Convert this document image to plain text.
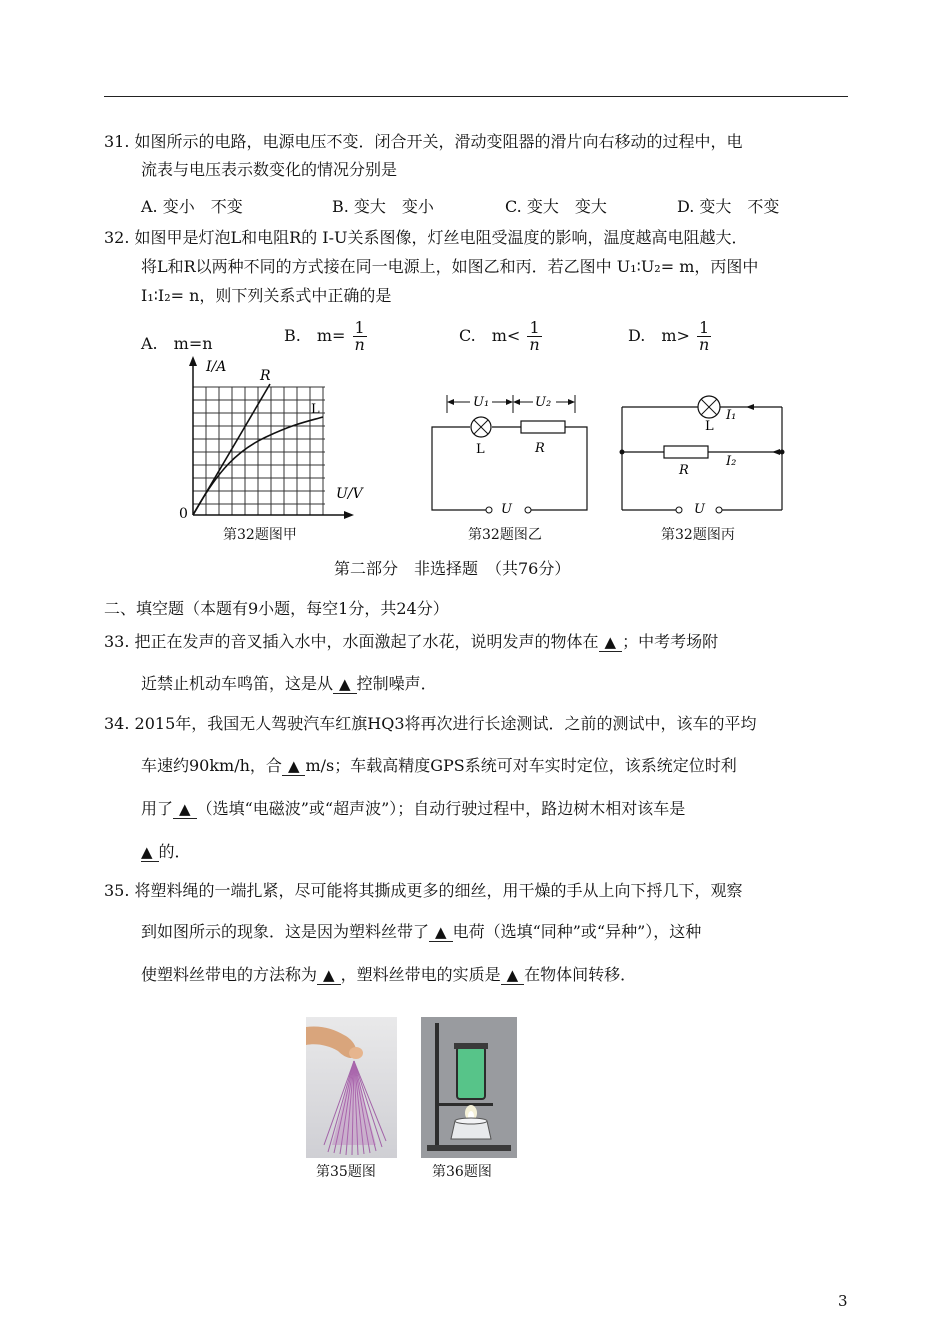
31. 如图所示的电路，电源电压不变．闭合开关，滑动变阻器的滑片向右移动的过程中，电
流表与电压表示数变化的情况分别是
A. 变小　不变	B. 变大　变小	C. 变大　变大	D. 变大　不变
32. 如图甲是灯泡L和电阻R的 I-U关系图像，灯丝电阻受温度的影响，温度越高电阻越大．
将L和R以两种不同的方式接在同一电源上，如图乙和丙．若乙图中 U₁∶U₂= m，丙图中
I₁∶I₂= n，则下列关系式中正确的是
A.　m=n	B.　$m= \frac{1}{n}$	C.　$m< \frac{1}{n}$	D.　$m> \frac{1}{n}$
I/A
R
L
U/V
0
U₁	U₂
L	R
U
I₁
L
I₂
R
U
第32题图甲	第32题图乙	第32题图丙
第二部分　非选择题　（共76分）
二、填空题（本题有9小题，每空1分，共24分）
33. 把正在发声的音叉插入水中，水面激起了水花，说明发声的物体在 ▲ ；中考考场附
近禁止机动车鸣笛，这是从 ▲ 控制噪声．
34. 2015年，我国无人驾驶汽车红旗HQ3将再次进行长途测试．之前的测试中，该车的平均
车速约90km/h，合 ▲ m/s；车载高精度GPS系统可对车实时定位，该系统定位时利
用了 ▲ （选填“电磁波”或“超声波”）；自动行驶过程中，路边树木相对该车是
▲ 的．
35. 将塑料绳的一端扎紧，尽可能将其撕成更多的细丝，用干燥的手从上向下捋几下，观察
到如图所示的现象．这是因为塑料丝带了 ▲ 电荷（选填“同种”或“异种”），这种
使塑料丝带电的方法称为 ▲ ，塑料丝带电的实质是 ▲ 在物体间转移．
第35题图	第36题图
3
